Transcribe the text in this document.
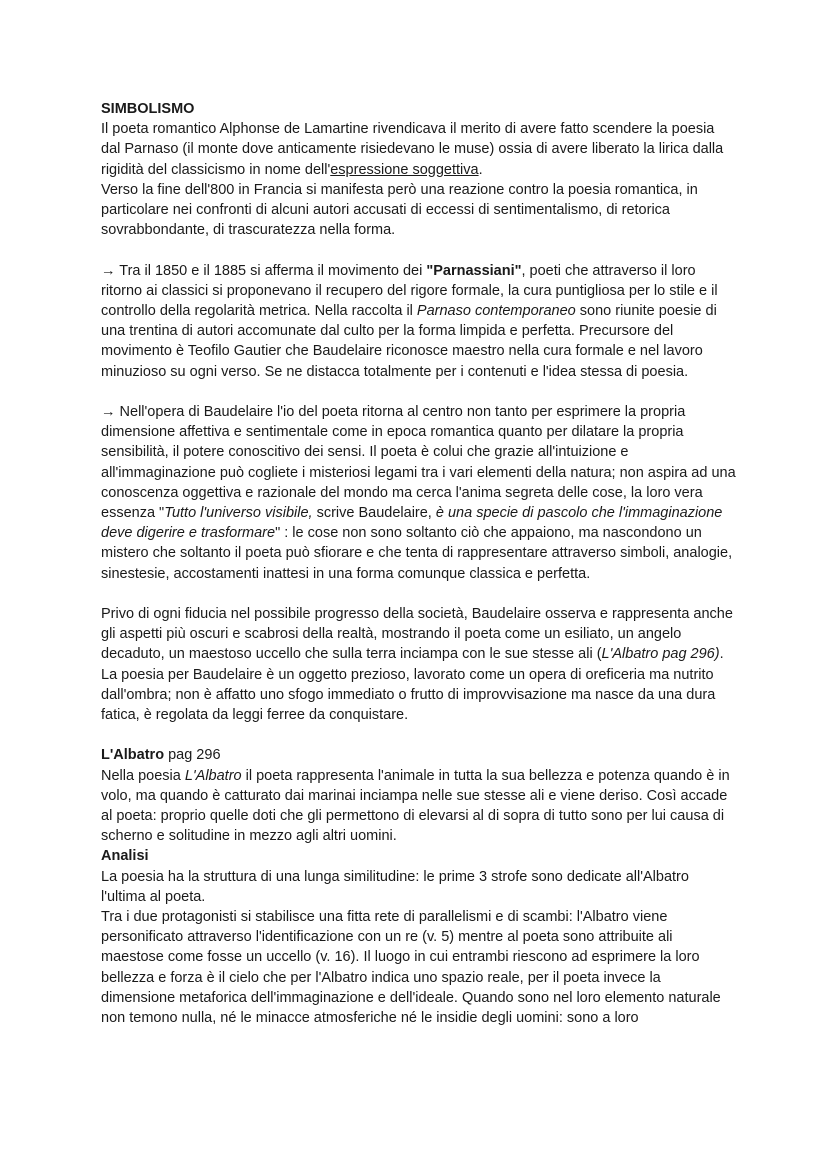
SIMBOLISMO

Il poeta romantico Alphonse de Lamartine rivendicava il merito di avere fatto scendere la poesia dal Parnaso (il monte dove anticamente risiedevano le muse) ossia di avere liberato la lirica dalla rigidità del classicismo in nome dell'espressione soggettiva.

Verso la fine dell'800 in Francia si manifesta però una reazione contro la poesia romantica, in particolare nei confronti di alcuni autori accusati di eccessi di sentimentalismo, di retorica sovrabbondante, di trascuratezza nella forma.

→ Tra il 1850 e il 1885 si afferma il movimento dei "Parnassiani", poeti che attraverso il loro ritorno ai classici si proponevano il recupero del rigore formale, la cura puntigliosa per lo stile e il controllo della regolarità metrica. Nella raccolta il Parnaso contemporaneo sono riunite poesie di una trentina di autori accomunate dal culto per la forma limpida e perfetta. Precursore del movimento è Teofilo Gautier che Baudelaire riconosce maestro nella cura formale e nel lavoro minuzioso su ogni verso. Se ne distacca totalmente per i contenuti e l'idea stessa di poesia.

→ Nell'opera di Baudelaire l'io del poeta ritorna al centro non tanto per esprimere la propria dimensione affettiva e sentimentale come in epoca romantica quanto per dilatare la propria sensibilità, il potere conoscitivo dei sensi. Il poeta è colui che grazie all'intuizione e all'immaginazione può cogliete i misteriosi legami tra i vari elementi della natura; non aspira ad una conoscenza oggettiva e razionale del mondo ma cerca l'anima segreta delle cose, la loro vera essenza "Tutto l'universo visibile, scrive Baudelaire, è una specie di pascolo che l'immaginazione deve digerire e trasformare" : le cose non sono soltanto ciò che appaiono, ma nascondono un mistero che soltanto il poeta può sfiorare e che tenta di rappresentare attraverso simboli, analogie, sinestesie, accostamenti inattesi in una forma comunque classica e perfetta.

Privo di ogni fiducia nel possibile progresso della società, Baudelaire osserva e rappresenta anche gli aspetti più oscuri e scabrosi della realtà, mostrando il poeta come un esiliato, un angelo decaduto, un maestoso uccello che sulla terra inciampa con le sue stesse ali (L'Albatro pag 296). La poesia per Baudelaire è un oggetto prezioso, lavorato come un opera di oreficeria ma nutrito dall'ombra; non è affatto uno sfogo immediato o frutto di improvvisazione ma nasce da una dura fatica, è regolata da leggi ferree da conquistare.

L'Albatro pag 296

Nella poesia L'Albatro il poeta rappresenta l'animale in tutta la sua bellezza e potenza quando è in volo, ma quando è catturato dai marinai inciampa nelle sue stesse ali e viene deriso. Così accade al poeta: proprio quelle doti che gli permettono di elevarsi al di sopra di tutto sono per lui causa di scherno e solitudine in mezzo agli altri uomini.

Analisi

La poesia ha la struttura di una lunga similitudine: le prime 3 strofe sono dedicate all'Albatro l'ultima al poeta.

Tra i due protagonisti si stabilisce una fitta rete di parallelismi e di scambi: l'Albatro viene personificato attraverso l'identificazione con un re (v. 5) mentre al poeta sono attribuite ali maestose come fosse un uccello (v. 16). Il luogo in cui entrambi riescono ad esprimere la loro bellezza e forza è il cielo che per l'Albatro indica uno spazio reale, per il poeta invece la dimensione metaforica dell'immaginazione e dell'ideale. Quando sono nel loro elemento naturale non temono nulla, né le minacce atmosferiche né le insidie degli uomini: sono a loro
